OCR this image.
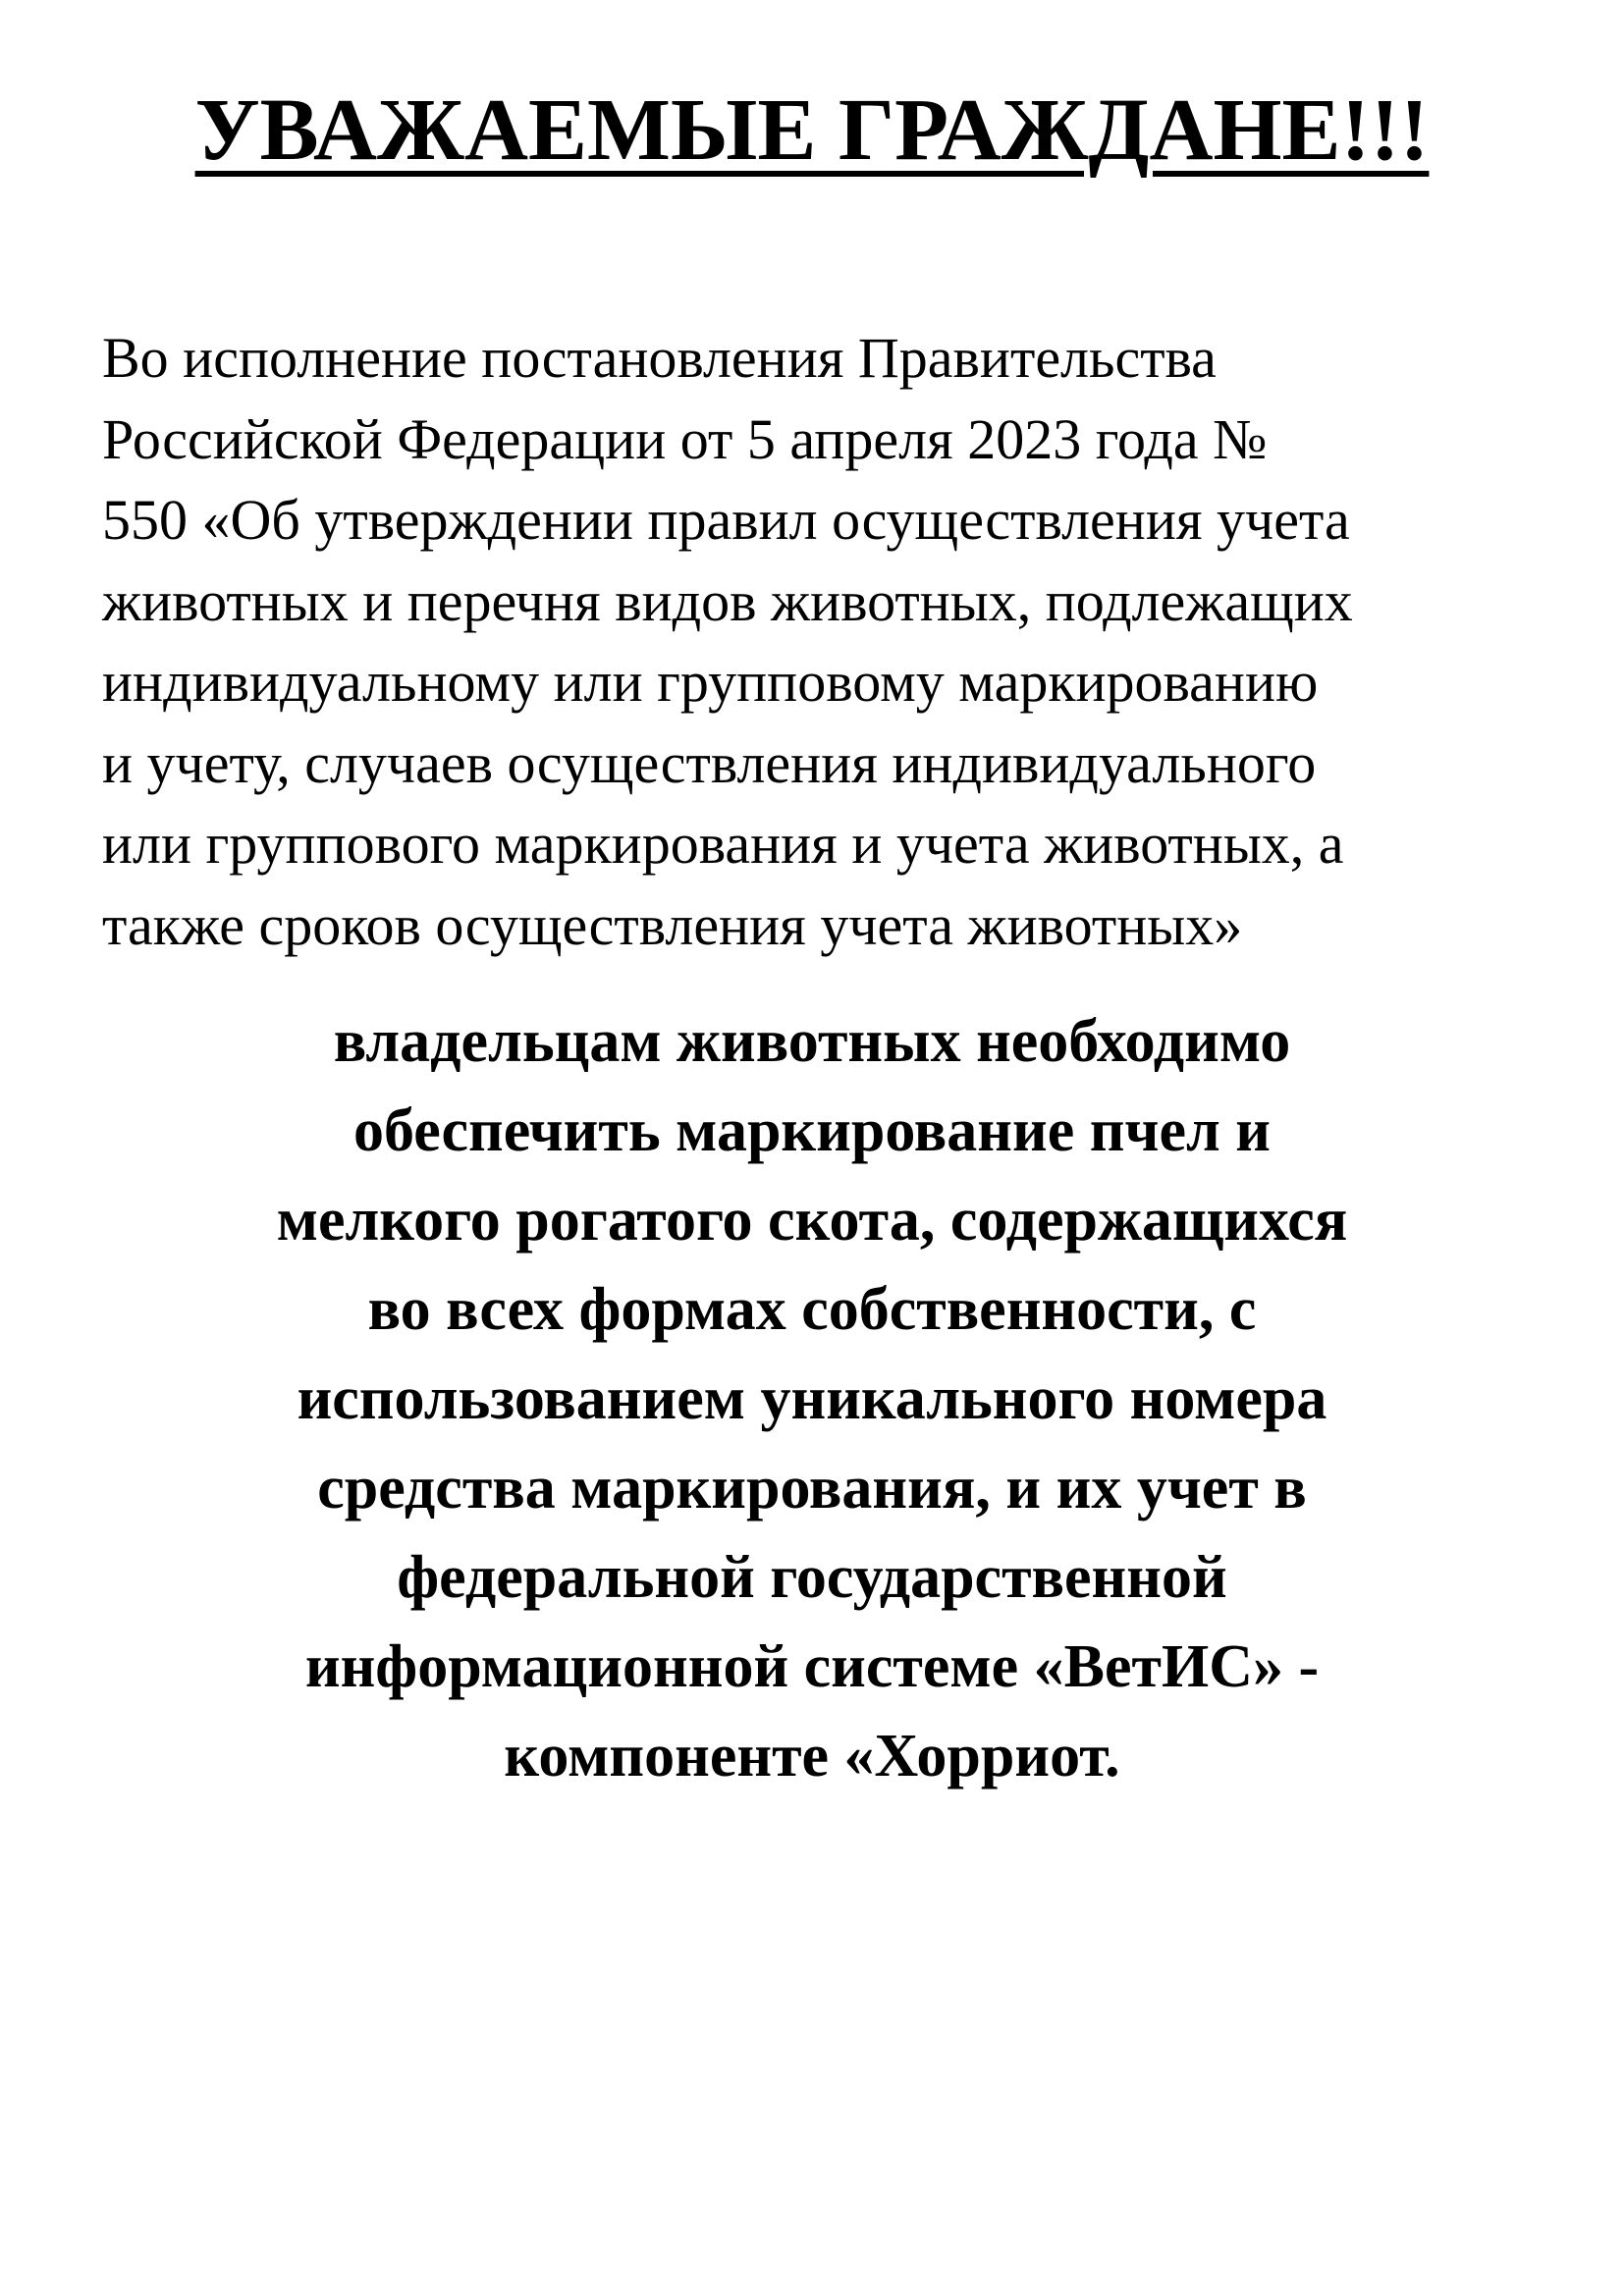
УВАЖАЕМЫЕ ГРАЖДАНЕ!!!

Во исполнение постановления Правительства
Российской Федерации от 5 апреля 2023 года №
550 «Об утверждении правил осуществления учета
животных и перечня видов животных, подлежащих
индивидуальному или групповому маркированию
и учету, случаев осуществления индивидуального
или группового маркирования и учета животных, а
также сроков осуществления учета животных»

владельцам животных необходимо
обеспечить маркирование пчел и
мелкого рогатого скота, содержащихся
во всех формах собственности, с
использованием уникального номера
средства маркирования, и их учет в
федеральной государственной
информационной системе «ВетИС» -
компоненте «Хорриот.
